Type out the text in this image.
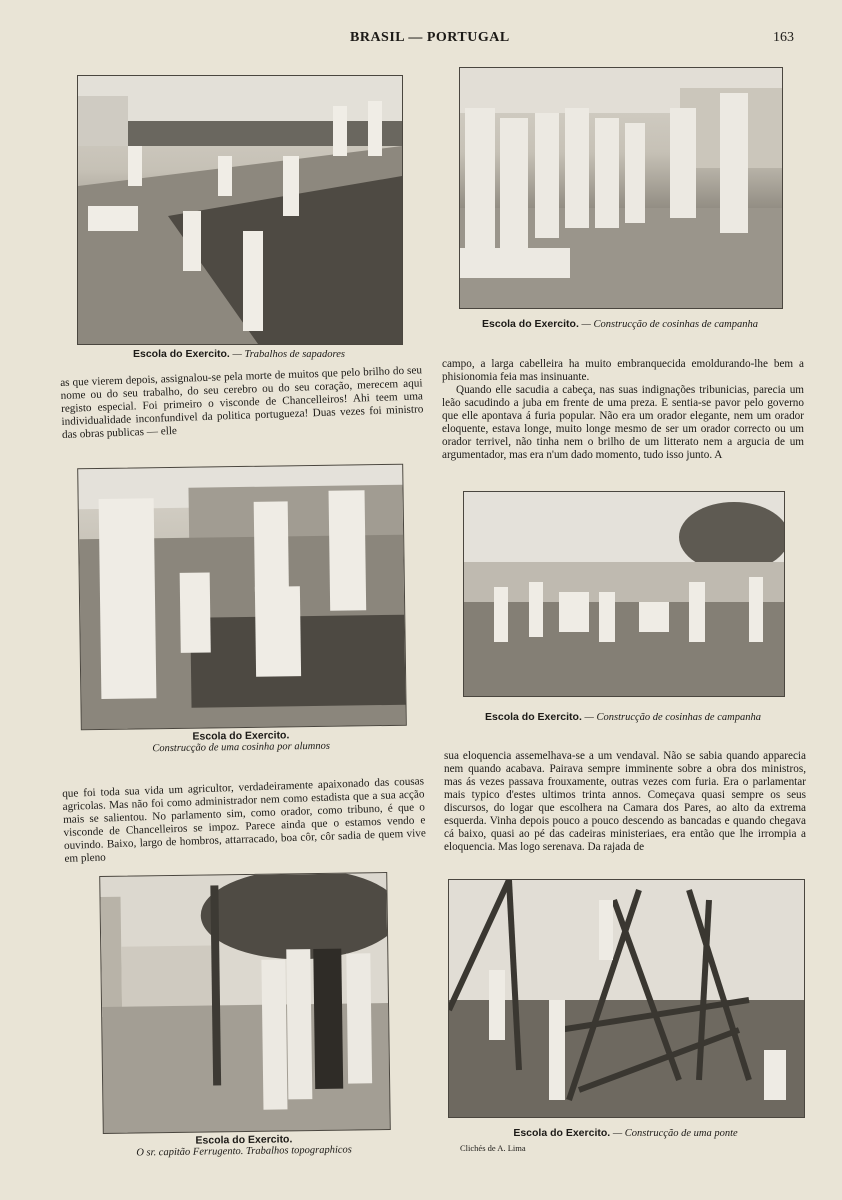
BRASIL — PORTUGAL	163
Escola do Exercito. — Trabalhos de sapadores
Escola do Exercito. — Construcção de cosinhas de campanha

as que vierem depois, assignalou-se pela morte de muitos que pelo brilho do seu nome ou do seu trabalho, do seu cerebro ou do seu coração, merecem aqui registo especial. Foi primeiro o visconde de Chancelleiros! Ahi teem uma individualidade inconfundivel da politica portugueza! Duas vezes foi ministro das obras publicas — elle

campo, a larga cabelleira ha muito embranquecida emoldurando-lhe bem a phisionomia feia mas insinuante.

Quando elle sacudia a cabeça, nas suas indignações tribunicias, parecia um leão sacudindo a juba em frente de uma preza. E sentia-se pavor pelo governo que elle apontava á furia popular. Não era um orador elegante, nem um orador eloquente, estava longe, muito longe mesmo de ser um orador correcto ou um orador terrivel, não tinha nem o brilho de um litterato nem a argucia de um argumentador, mas era n'um dado momento, tudo isso junto. A

Escola do Exercito.
Construcção de uma cosinha por alumnos
Escola do Exercito. — Construcção de cosinhas de campanha

que foi toda sua vida um agricultor, verdadeiramente apaixonado das cousas agricolas. Mas não foi como administrador nem como estadista que a sua acção mais se salientou. No parlamento sim, como orador, como tribuno, é que o visconde de Chancelleiros se impoz. Parece ainda que o estamos vendo e ouvindo. Baixo, largo de hombros, attarracado, boa côr, côr sadia de quem vive em pleno

sua eloquencia assemelhava-se a um vendaval. Não se sabia quando apparecia nem quando acabava. Pairava sempre imminente sobre a obra dos ministros, mas ás vezes passava frouxamente, outras vezes com furia. Era o parlamentar mais typico d'estes ultimos trinta annos. Começava quasi sempre os seus discursos, do logar que escolhera na Camara dos Pares, ao alto da extrema esquerda. Vinha depois pouco a pouco descendo as bancadas e quando chegava cá baixo, quasi ao pé das cadeiras ministeriaes, era então que lhe irrompia a eloquencia. Mas logo serenava. Da rajada de

Escola do Exercito.
O sr. capitão Ferrugento. Trabalhos topographicos
Escola do Exercito. — Construcção de uma ponte
Clichés de A. Lima
